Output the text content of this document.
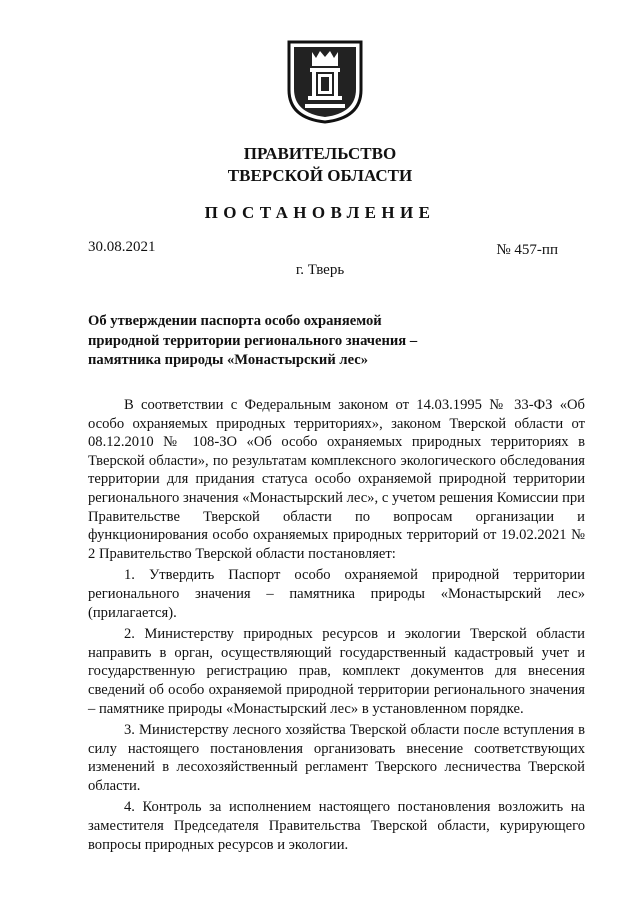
ПРАВИТЕЛЬСТВО
ТВЕРСКОЙ ОБЛАСТИ
ПОСТАНОВЛЕНИЕ
30.08.2021	№ 457-пп
г. Тверь
Об утверждении паспорта особо охраняемой
природной территории регионального значения –
памятника природы «Монастырский лес»

В соответствии с Федеральным законом от 14.03.1995 № 33-ФЗ «Об особо охраняемых природных территориях», законом Тверской области от 08.12.2010 № 108-ЗО «Об особо охраняемых природных территориях в Тверской области», по результатам комплексного экологического обследования территории для придания статуса особо охраняемой природной территории регионального значения «Монастырский лес», с учетом решения Комиссии при Правительстве Тверской области по вопросам организации и функционирования особо охраняемых природных территорий от 19.02.2021 № 2 Правительство Тверской области постановляет:

1. Утвердить Паспорт особо охраняемой природной территории регионального значения – памятника природы «Монастырский лес» (прилагается).

2. Министерству природных ресурсов и экологии Тверской области направить в орган, осуществляющий государственный кадастровый учет и государственную регистрацию прав, комплект документов для внесения сведений об особо охраняемой природной территории регионального значения – памятнике природы «Монастырский лес» в установленном порядке.

3. Министерству лесного хозяйства Тверской области после вступления в силу настоящего постановления организовать внесение соответствующих изменений в лесохозяйственный регламент Тверского лесничества Тверской области.

4. Контроль за исполнением настоящего постановления возложить на заместителя Председателя Правительства Тверской области, курирующего вопросы природных ресурсов и экологии.
